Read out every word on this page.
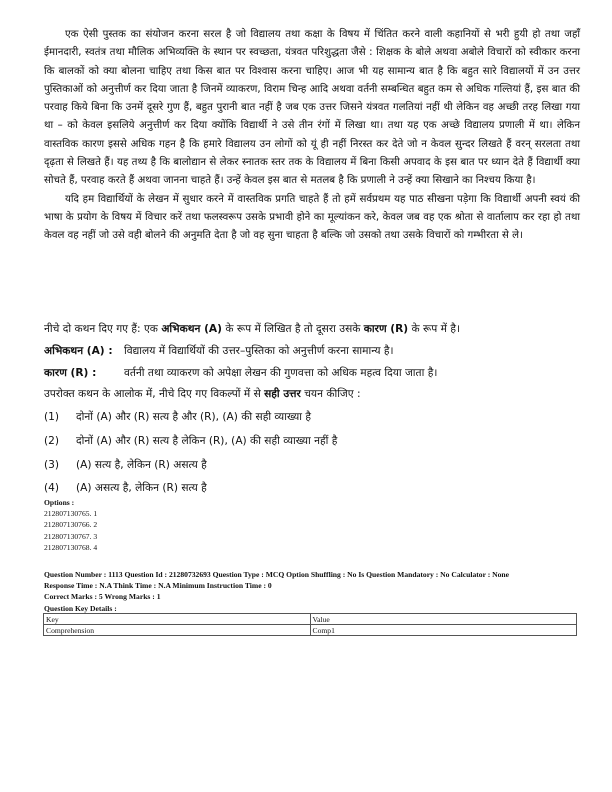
एक ऐसी पुस्तक का संयोजन करना सरल है जो विद्यालय तथा कक्षा के विषय में चिंतित करने वाली कहानियों से भरी हुयी हो तथा जहाँ ईमानदारी, स्वतंत्र तथा मौलिक अभिव्यक्ति के स्थान पर स्वच्छता, यंत्रवत परिशुद्धता जैसे : शिक्षक के बोले अथवा अबोले विचारों को स्वीकार करना कि बालकों को क्या बोलना चाहिए तथा किस बात पर विश्वास करना चाहिए। आज भी यह सामान्य बात है कि बहुत सारे विद्यालयों में उन उत्तर पुस्तिकाओं को अनुत्तीर्ण कर दिया जाता है जिनमें व्याकरण, विराम चिन्ह आदि अथवा वर्तनी सम्बन्धित बहुत कम से अधिक गल्तियां हैं, इस बात की परवाह किये बिना कि उनमें दूसरे गुण हैं, बहुत पुरानी बात नहीं है जब एक उत्तर जिसने यंत्रवत गलतियां नहीं थी लेकिन वह अच्छी तरह लिखा गया था – को केवल इसलिये अनुत्तीर्ण कर दिया क्योंकि विद्यार्थी ने उसे तीन रंगों में लिखा था। तथा यह एक अच्छे विद्यालय प्रणाली में था। लेकिन वास्तविक कारण इससे अधिक गहन है कि हमारे विद्यालय उन लोगों को यूं ही नहीं निरस्त कर देते जो न केवल सुन्दर लिखते हैं वरन् सरलता तथा दृढ़ता से लिखते हैं। यह तथ्य है कि बालोद्यान से लेकर स्नातक स्तर तक के विद्यालय में बिना किसी अपवाद के इस बात पर ध्यान देते हैं विद्यार्थी क्या सोचते हैं, परवाह करते हैं अथवा जानना चाहते हैं। उन्हें केवल इस बात से मतलब है कि प्रणाली ने उन्हें क्या सिखाने का निश्चय किया है।

यदि हम विद्यार्थियों के लेखन में सुधार करने में वास्तविक प्रगति चाहते हैं तो हमें सर्वप्रथम यह पाठ सीखना पड़ेगा कि विद्यार्थी अपनी स्वयं की भाषा के प्रयोग के विषय में विचार करें तथा फलस्वरूप उसके प्रभावी होने का मूल्यांकन करे, केवल जब वह एक श्रोता से वार्तालाप कर रहा हो तथा केवल वह नहीं जो उसे वही बोलने की अनुमति देता है जो वह सुना चाहता है बल्कि जो उसको तथा उसके विचारों को गम्भीरता से ले।

नीचे दो कथन दिए गए हैं: एक अभिकथन (A) के रूप में लिखित है तो दूसरा उसके कारण (R) के रूप में है।
अभिकथन (A) : विद्यालय में विद्यार्थियों की उत्तर–पुस्तिका को अनुत्तीर्ण करना सामान्य है।
कारण (R) :	वर्तनी तथा व्याकरण को अपेक्षा लेखन की गुणवत्ता को अधिक महत्व दिया जाता है।
उपरोक्त कथन के आलोक में, नीचे दिए गए विकल्पों में से सही उत्तर चयन कीजिए :
(1) दोनों (A) और (R) सत्य है और (R), (A) की सही व्याख्या है
(2) दोनों (A) और (R) सत्य है लेकिन (R), (A) की सही व्याख्या नहीं है
(3) (A) सत्य है, लेकिन (R) असत्य है
(4) (A) असत्य है, लेकिन (R) सत्य है
Options :
212807130765. 1
212807130766. 2
212807130767. 3
212807130768. 4
Question Number : 1113 Question Id : 21280732693 Question Type : MCQ Option Shuffling : No Is Question Mandatory : No Calculator : None
Response Time : N.A Think Time : N.A Minimum Instruction Time : 0
Correct Marks : 5 Wrong Marks : 1
Question Key Details :
Key	Value
Comprehension	Comp1
